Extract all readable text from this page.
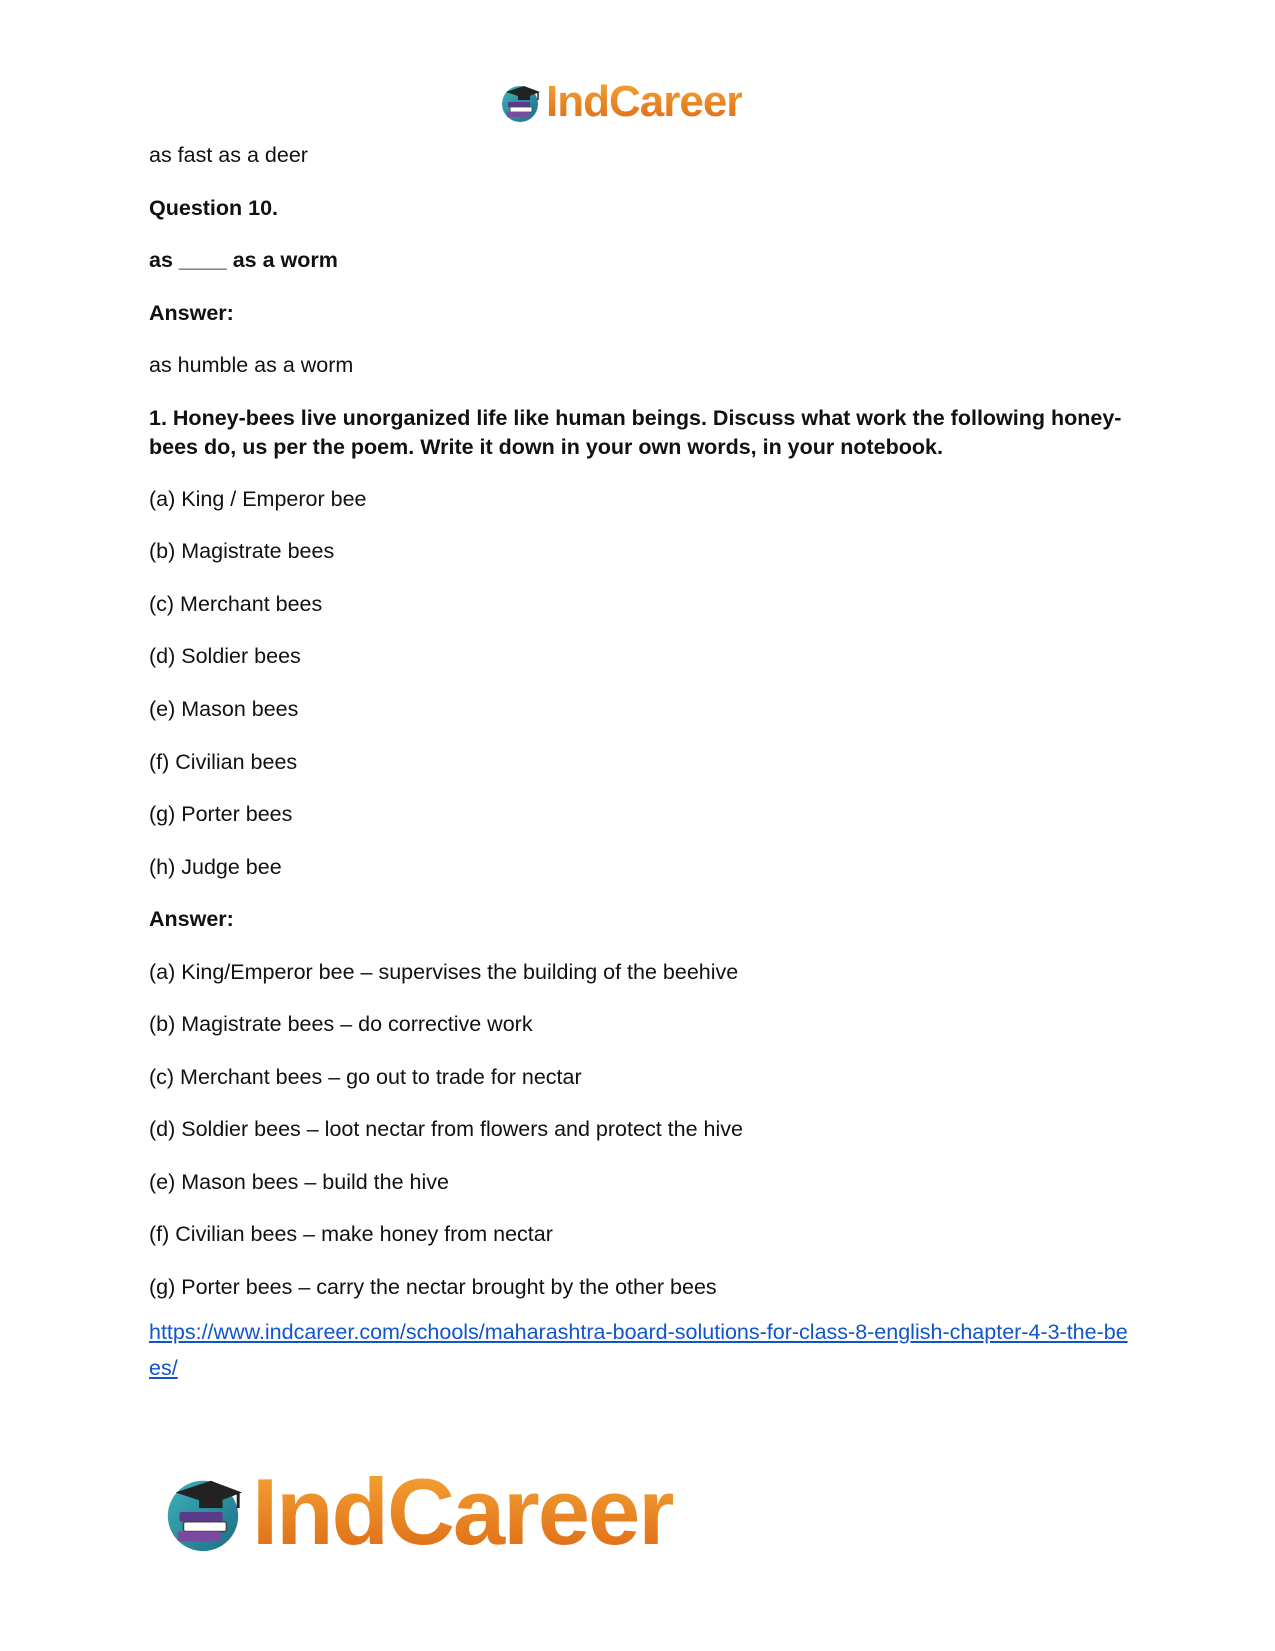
IndCareer
as fast as a deer
Question 10.
as ____ as a worm
Answer:
as humble as a worm
1. Honey-bees live unorganized life like human beings. Discuss what work the following honey-bees do, us per the poem. Write it down in your own words, in your notebook.
(a) King / Emperor bee
(b) Magistrate bees
(c) Merchant bees
(d) Soldier bees
(e) Mason bees
(f) Civilian bees
(g) Porter bees
(h) Judge bee
Answer:
(a) King/Emperor bee – supervises the building of the beehive
(b) Magistrate bees – do corrective work
(c) Merchant bees – go out to trade for nectar
(d) Soldier bees – loot nectar from flowers and protect the hive
(e) Mason bees – build the hive
(f) Civilian bees – make honey from nectar
(g) Porter bees – carry the nectar brought by the other bees
https://www.indcareer.com/schools/maharashtra-board-solutions-for-class-8-english-chapter-4-3-the-bees/
IndCareer
